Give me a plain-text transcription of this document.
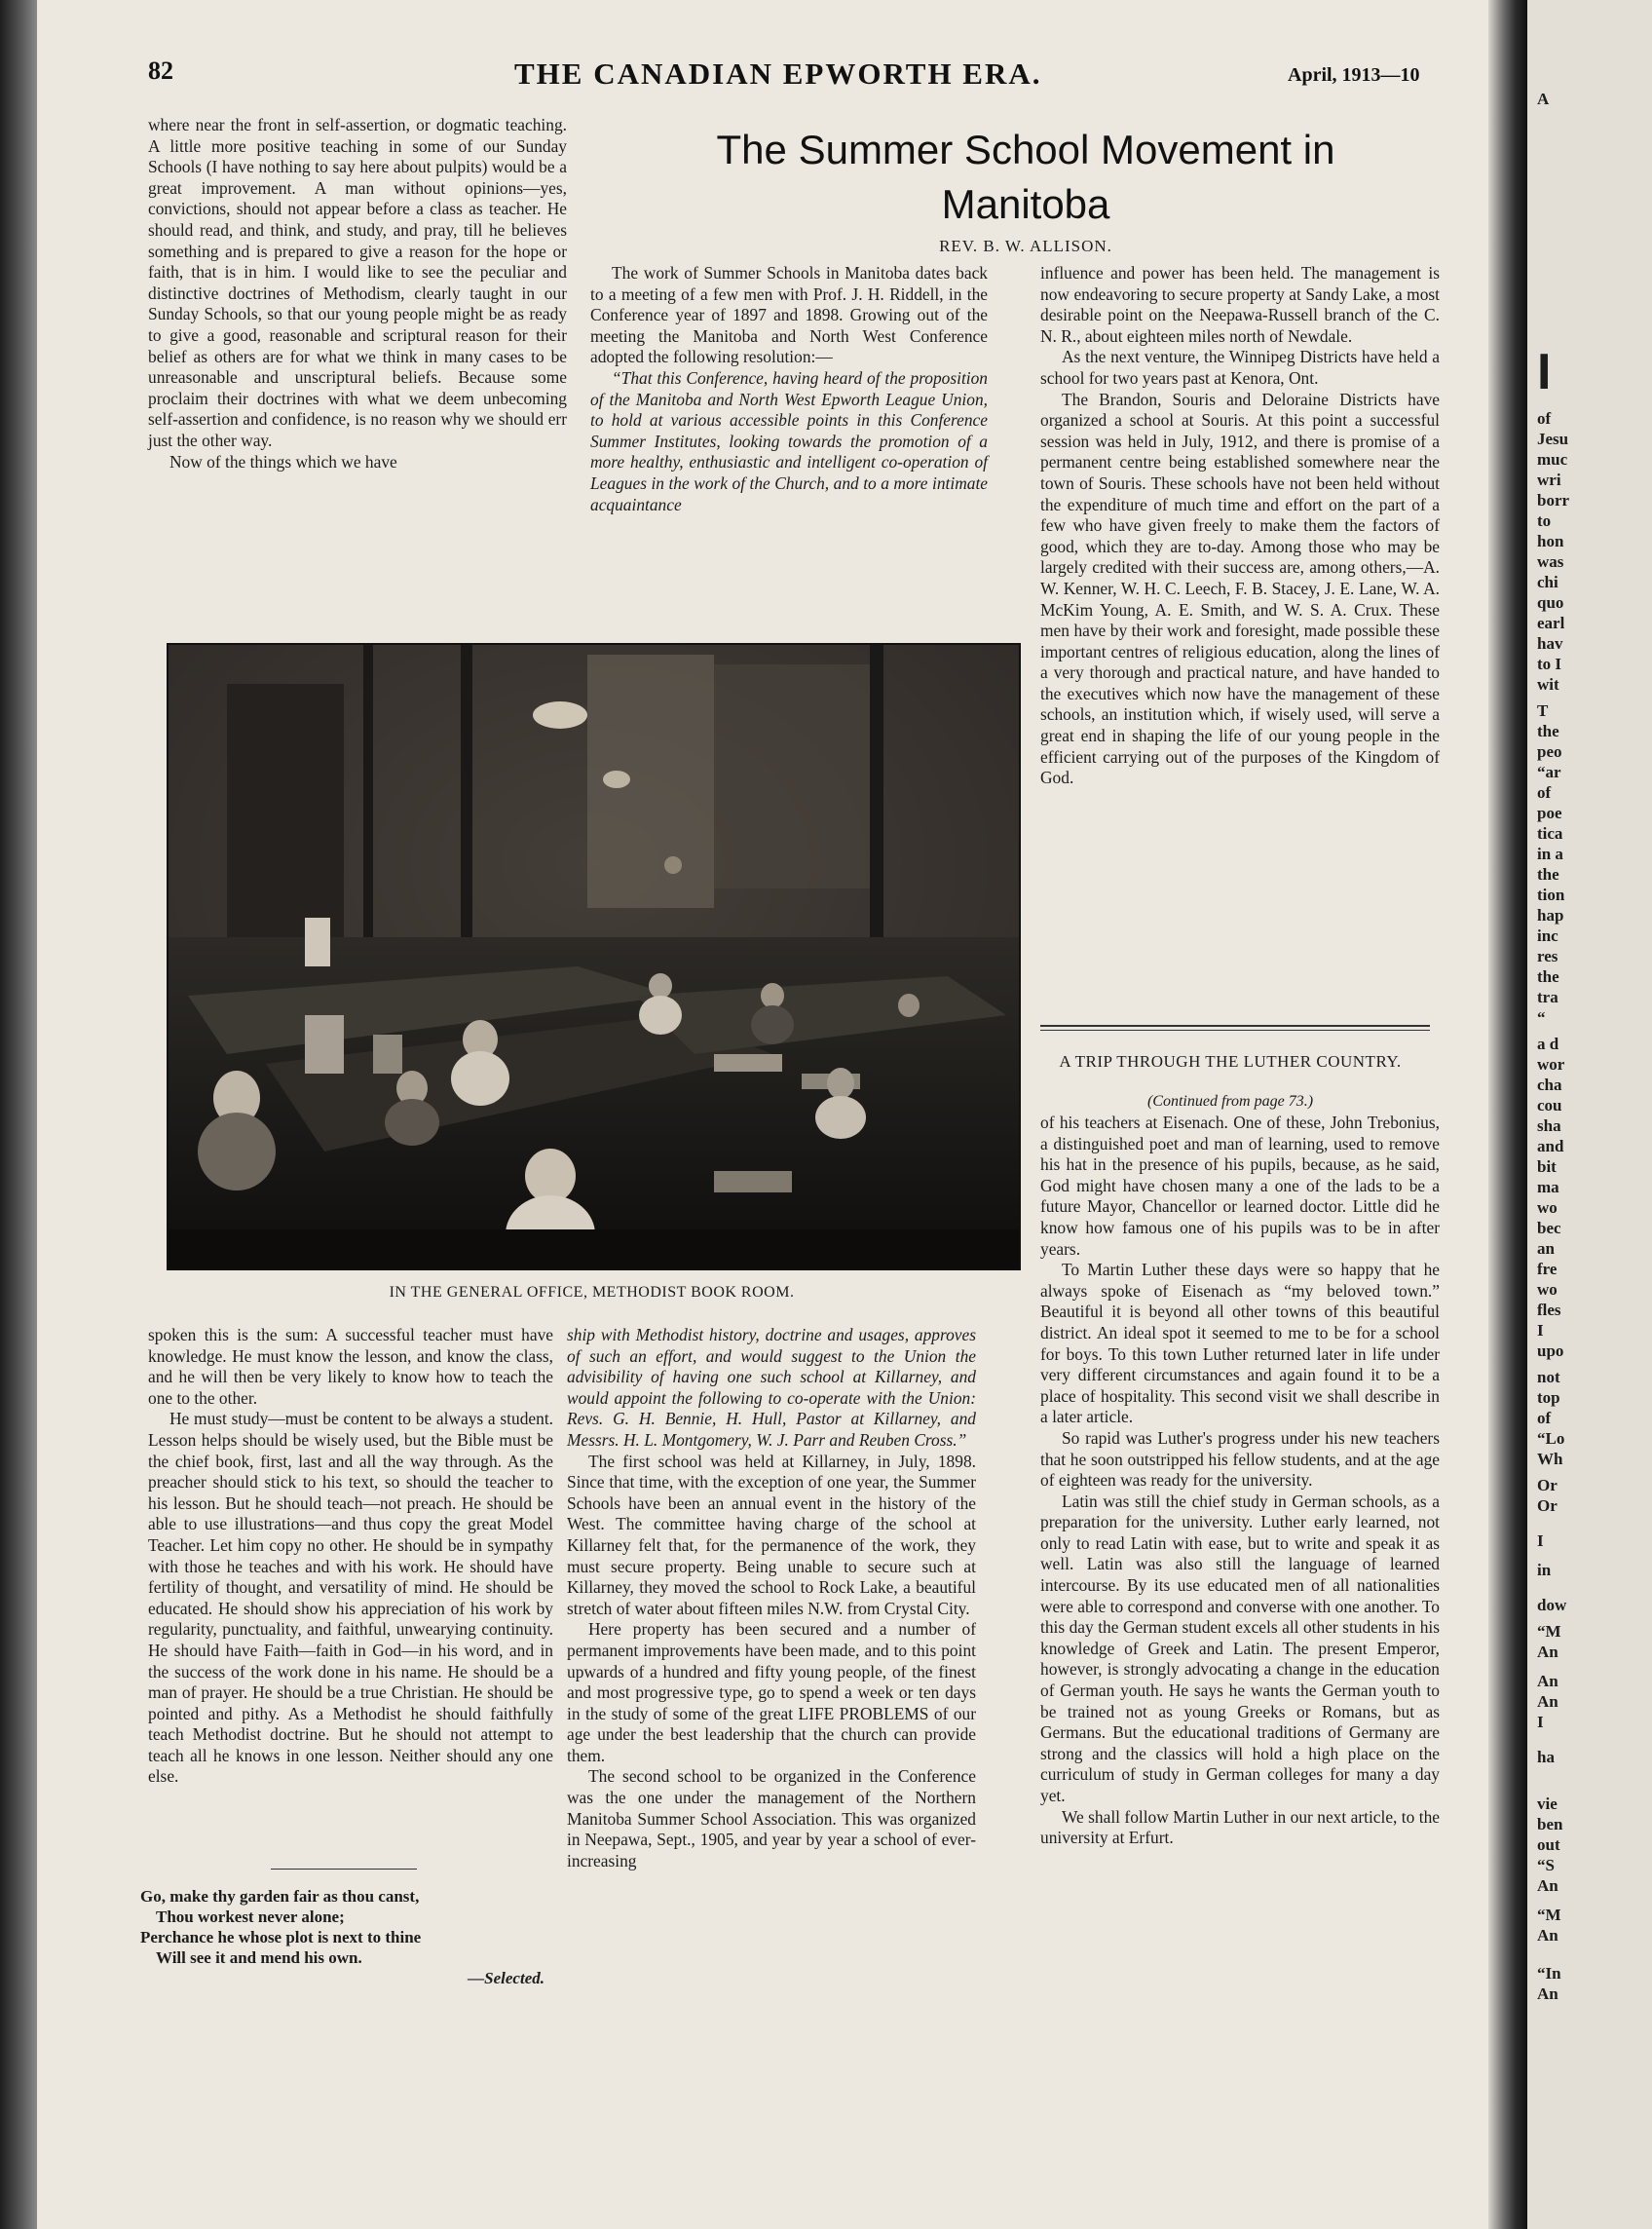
82	THE CANADIAN EPWORTH ERA.	April, 1913—10

where near the front in self-assertion, or dogmatic teaching. A little more positive teaching in some of our Sunday Schools (I have nothing to say here about pulpits) would be a great improvement. A man without opinions—yes, convictions, should not appear before a class as teacher. He should read, and think, and study, and pray, till he believes something and is prepared to give a reason for the hope or faith, that is in him. I would like to see the peculiar and distinctive doctrines of Methodism, clearly taught in our Sunday Schools, so that our young people might be as ready to give a good, reasonable and scriptural reason for their belief as others are for what we think in many cases to be unreasonable and unscriptural beliefs. Because some proclaim their doctrines with what we deem unbecoming self-assertion and confidence, is no reason why we should err just the other way.

Now of the things which we have

The Summer School Movement in
Manitoba
REV. B. W. ALLISON.

The work of Summer Schools in Manitoba dates back to a meeting of a few men with Prof. J. H. Riddell, in the Conference year of 1897 and 1898. Growing out of the meeting the Manitoba and North West Conference adopted the following resolution:—

“That this Conference, having heard of the proposition of the Manitoba and North West Epworth League Union, to hold at various accessible points in this Conference Summer Institutes, looking towards the promotion of a more healthy, enthusiastic and intelligent co-operation of Leagues in the work of the Church, and to a more intimate acquaintance

influence and power has been held. The management is now endeavoring to secure property at Sandy Lake, a most desirable point on the Neepawa-Russell branch of the C. N. R., about eighteen miles north of Newdale.

As the next venture, the Winnipeg Districts have held a school for two years past at Kenora, Ont.

The Brandon, Souris and Deloraine Districts have organized a school at Souris. At this point a successful session was held in July, 1912, and there is promise of a permanent centre being established somewhere near the town of Souris. These schools have not been held without the expenditure of much time and effort on the part of a few who have given freely to make them the factors of good, which they are to-day. Among those who may be largely credited with their success are, among others,—A. W. Kenner, W. H. C. Leech, F. B. Stacey, J. E. Lane, W. A. McKim Young, A. E. Smith, and W. S. A. Crux. These men have by their work and foresight, made possible these important centres of religious education, along the lines of a very thorough and practical nature, and have handed to the executives which now have the management of these schools, an institution which, if wisely used, will serve a great end in shaping the life of our young people in the efficient carrying out of the purposes of the Kingdom of God.

IN THE GENERAL OFFICE, METHODIST BOOK ROOM.
A TRIP THROUGH THE LUTHER COUNTRY.
(Continued from page 73.)

of his teachers at Eisenach. One of these, John Trebonius, a distinguished poet and man of learning, used to remove his hat in the presence of his pupils, because, as he said, God might have chosen many a one of the lads to be a future Mayor, Chancellor or learned doctor. Little did he know how famous one of his pupils was to be in after years.

To Martin Luther these days were so happy that he always spoke of Eisenach as “my beloved town.” Beautiful it is beyond all other towns of this beautiful district. An ideal spot it seemed to me to be for a school for boys. To this town Luther returned later in life under very different circumstances and again found it to be a place of hospitality. This second visit we shall describe in a later article.

So rapid was Luther's progress under his new teachers that he soon outstripped his fellow students, and at the age of eighteen was ready for the university.

Latin was still the chief study in German schools, as a preparation for the university. Luther early learned, not only to read Latin with ease, but to write and speak it as well. Latin was also still the language of learned intercourse. By its use educated men of all nationalities were able to correspond and converse with one another. To this day the German student excels all other students in his knowledge of Greek and Latin. The present Emperor, however, is strongly advocating a change in the education of German youth. He says he wants the German youth to be trained not as young Greeks or Romans, but as Germans. But the educational traditions of Germany are strong and the classics will hold a high place on the curriculum of study in German colleges for many a day yet.

We shall follow Martin Luther in our next article, to the university at Erfurt.

spoken this is the sum: A successful teacher must have knowledge. He must know the lesson, and know the class, and he will then be very likely to know how to teach the one to the other.

He must study—must be content to be always a student. Lesson helps should be wisely used, but the Bible must be the chief book, first, last and all the way through. As the preacher should stick to his text, so should the teacher to his lesson. But he should teach—not preach. He should be able to use illustrations—and thus copy the great Model Teacher. Let him copy no other. He should be in sympathy with those he teaches and with his work. He should have fertility of thought, and versatility of mind. He should be educated. He should show his appreciation of his work by regularity, punctuality, and faithful, unwearying continuity. He should have Faith—faith in God—in his word, and in the success of the work done in his name. He should be a man of prayer. He should be a true Christian. He should be pointed and pithy. As a Methodist he should faithfully teach Methodist doctrine. But he should not attempt to teach all he knows in one lesson. Neither should any one else.

Go, make thy garden fair as thou canst,
Thou workest never alone;
Perchance he whose plot is next to thine
Will see it and mend his own.
—Selected.

ship with Methodist history, doctrine and usages, approves of such an effort, and would suggest to the Union the advisibility of having one such school at Killarney, and would appoint the following to co-operate with the Union: Revs. G. H. Bennie, H. Hull, Pastor at Killarney, and Messrs. H. L. Montgomery, W. J. Parr and Reuben Cross.”

The first school was held at Killarney, in July, 1898. Since that time, with the exception of one year, the Summer Schools have been an annual event in the history of the West. The committee having charge of the school at Killarney felt that, for the permanence of the work, they must secure property. Being unable to secure such at Killarney, they moved the school to Rock Lake, a beautiful stretch of water about fifteen miles N.W. from Crystal City.

Here property has been secured and a number of permanent improvements have been made, and to this point upwards of a hundred and fifty young people, of the finest and most progressive type, go to spend a week or ten days in the study of some of the great LIFE PROBLEMS of our age under the best leadership that the church can provide them.

The second school to be organized in the Conference was the one under the management of the Northern Manitoba Summer School Association. This was organized in Neepawa, Sept., 1905, and year by year a school of ever-increasing

A
I
of
Jesu
muc
wri
borr
to
hon
was
chi
quo
earl
hav
to I
wit
T
the
peo
“ar
of
poe
tica
in a
the
tion
hap
inc
res
the
tra
“
a d
wor
cha
cou
sha
and
bit
ma
wo
bec
an
fre
wo
fles
I
upo
not
top
of
“Lo
Wh
Or
Or
I
in
dow
“M
An
An
An
I
ha
vie
ben
out
“S
An
“M
An
“In
An
